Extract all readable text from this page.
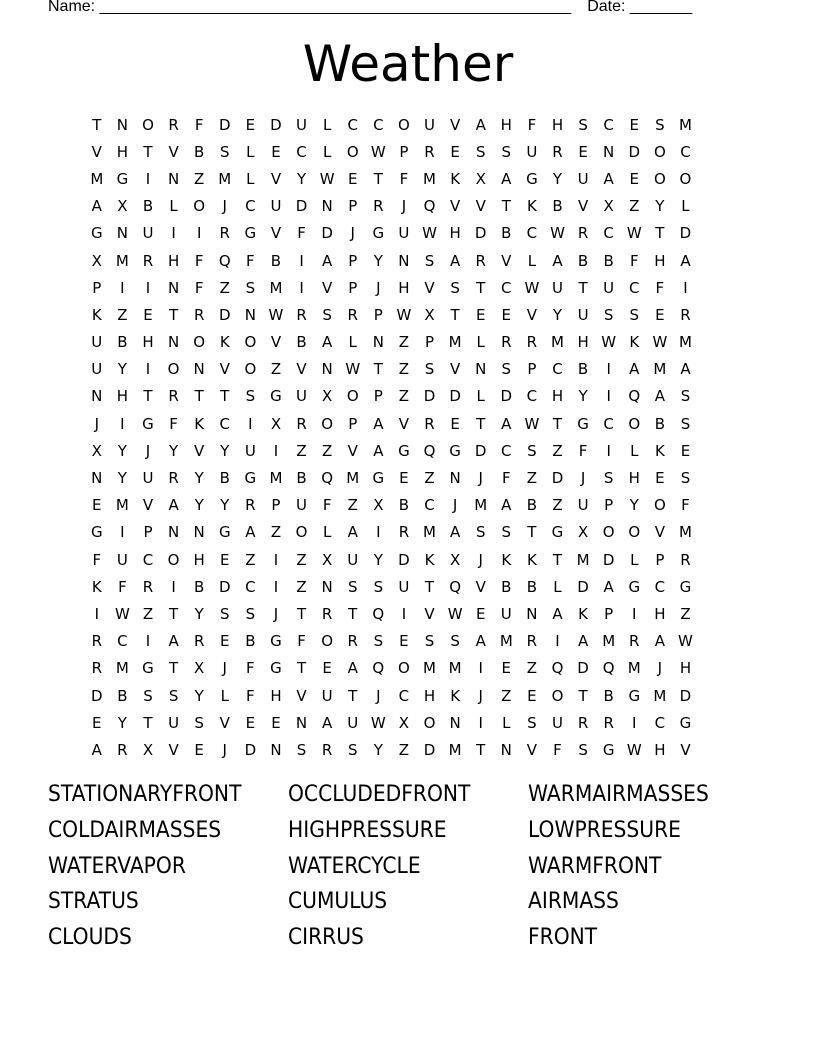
Name: _____________________________________________________ Date: _______
Weather
T	N O R	F	D	E	D U	L	C	C O U V	A H	F	H	S	C	E	S M
V H	T	V	B	S	L	E	C	L	O W P	R	E	S	S	U R	E	N D O C
M G	I	N Z M L	V	Y W E	T	F M K	X	A G	Y	U A	E O O
A	X	B	L	O	J	C U D N	P	R	J	Q V	V	T	K	B	V	X	Z	Y	L
G N U	I	I	R G V	F	D	J	G U W H D B	C W R	C W T	D
X M R H	F	Q	F	B	I	A	P	Y	N	S	A	R	V	L	A	B	B	F	H A
P	I	I	N	F	Z	S M	I	V	P	J	H V	S	T	C W U	T	U C	F	I
K	Z	E	T	R D N W R	S	R	P W X	T	E	E	V	Y	U	S	S	E	R
U B H N O K O V	B	A	L	N Z	P M L	R	R M H W K W M
U	Y	I	O N V O Z	V N W T	Z	S	V N	S	P	C	B	I	A M A
N H	T	R	T	T	S	G U X O	P	Z D D	L	D C H	Y	I	Q A	S
J	I	G	F	K	C	I	X	R O	P	A	V	R	E	T	A W T	G C O B	S
X	Y	J	Y	V	Y	U	I	Z	Z	V	A G Q G D C	S	Z	F	I	L	K	E
N	Y	U R	Y	B G M B Q M G	E	Z N	J	F	Z D	J	S	H	E	S
E M V	A	Y	Y	R	P	U	F	Z	X	B	C	J	M A	B	Z U	P	Y	O	F
G	I	P	N N G A	Z O	L	A	I	R M A	S	S	T	G X O O V M
F	U C O H	E	Z	I	Z	X U	Y	D K	X	J	K	K	T M D	L	P	R
K	F	R	I	B D C	I	Z N	S	S	U	T	Q V	B	B	L	D A G C G
I	W Z	T	Y	S	S	J	T	R	T	Q	I	V W E	U N A	K	P	I	H Z
R	C	I	A	R	E	B G	F	O R	S	E	S	S	A M R	I	A M R	A W
R M G	T	X	J	F	G	T	E	A Q O M M	I	E	Z Q D Q M	J	H
D B	S	S	Y	L	F	H V U	T	J	C H	K	J	Z	E O	T	B G M D
E	Y	T	U	S	V	E	E	N A U W X O N	I	L	S	U R	R	I	C G
A	R	X	V	E	J	D N	S	R	S	Y	Z D M T	N V	F	S	G W H V
STATIONARYFRONT	OCCLUDEDFRONT	WARMAIRMASSES
COLDAIRMASSES	HIGHPRESSURE	LOWPRESSURE
WATERVAPOR	WATERCYCLE	WARMFRONT
STRATUS	CUMULUS	AIRMASS
CLOUDS	CIRRUS	FRONT
